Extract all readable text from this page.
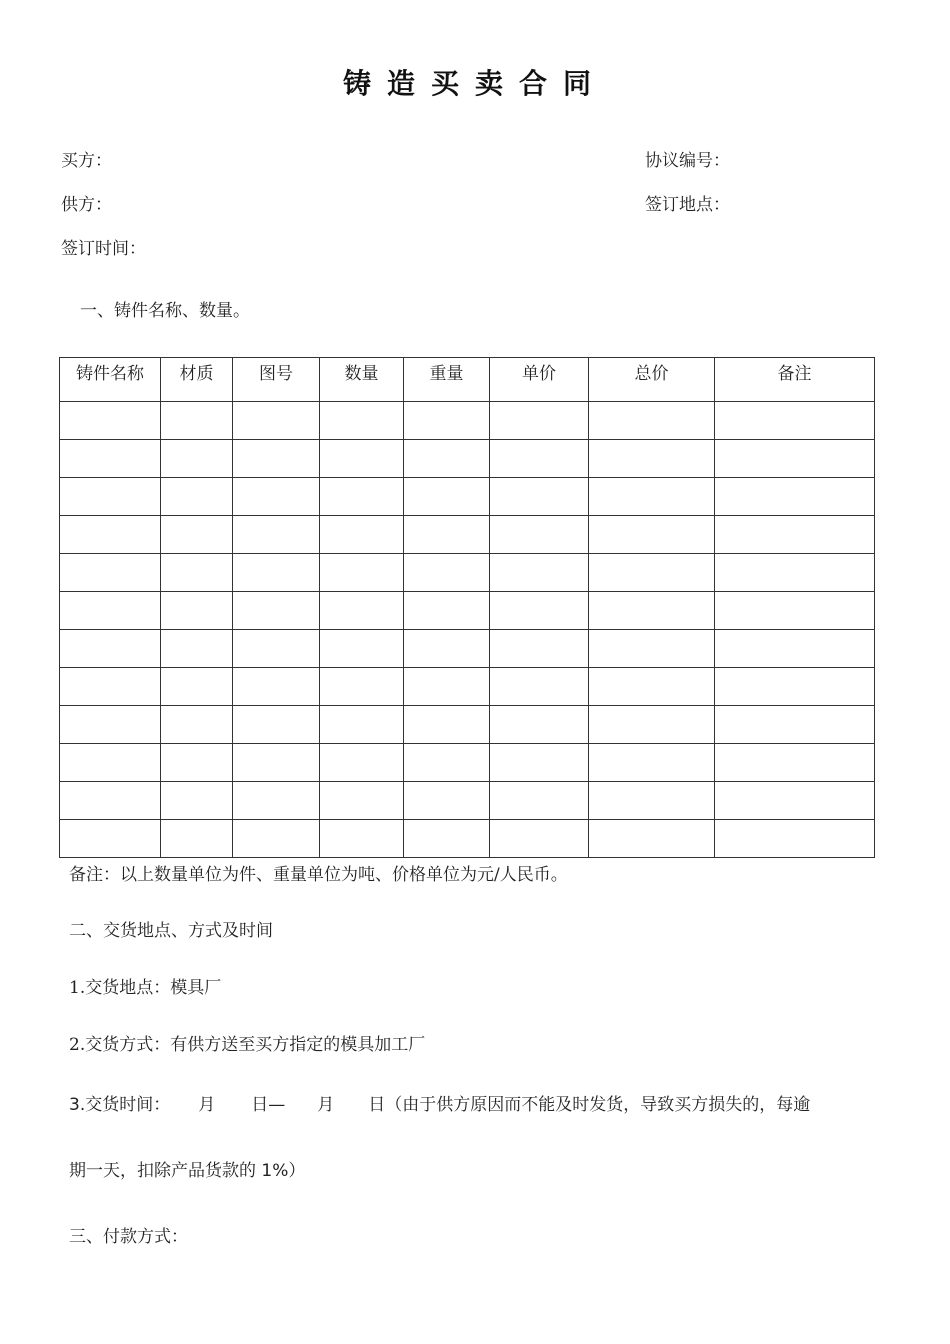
铸造买卖合同
买方：	协议编号：
供方：	签订地点：
签订时间：
一、铸件名称、数量。
铸件名称	材质	图号	数量	重量	单价	总价	备注

备注：以上数量单位为件、重量单位为吨、价格单位为元/人民币。
二、交货地点、方式及时间
1.交货地点：模具厂
2.交货方式：有供方送至买方指定的模具加工厂
3.交货时间： 月 日— 月 日（由于供方原因而不能及时发货，导致买方损失的，每逾
期一天，扣除产品货款的 1%）
三、付款方式：
